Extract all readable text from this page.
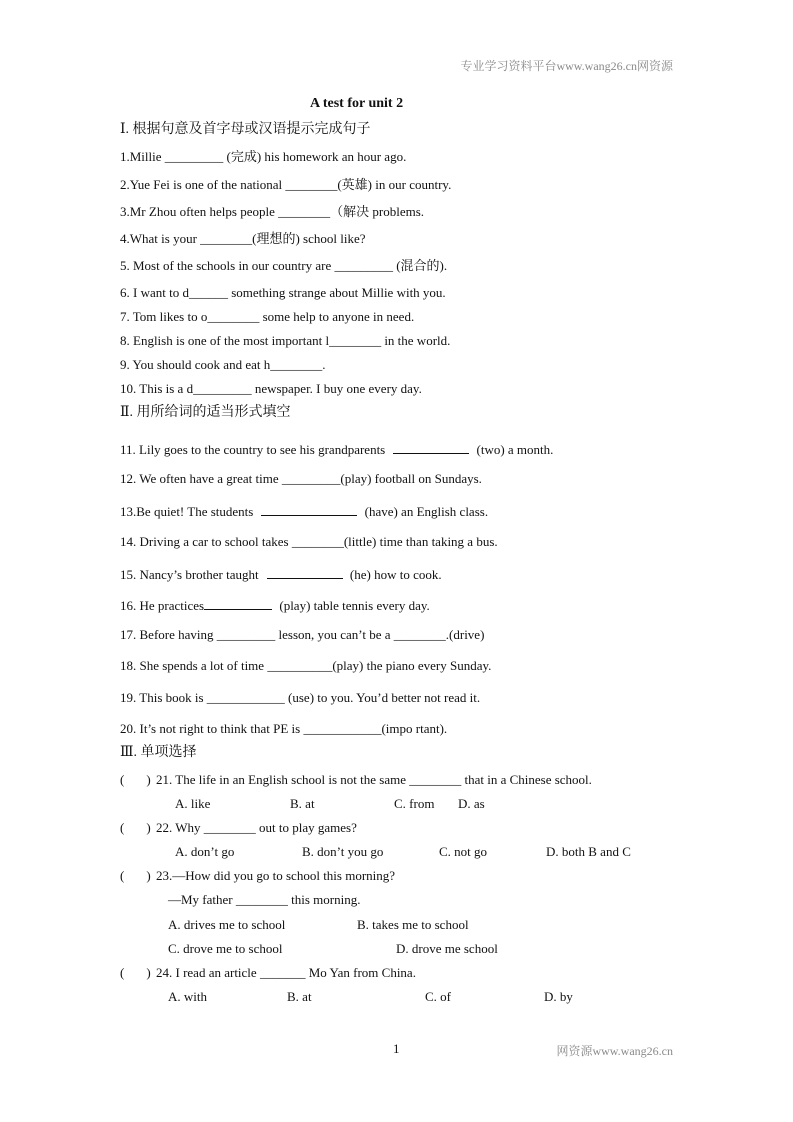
专业学习资料平台www.wang26.cn网资源
A test for unit 2
Ⅰ. 根据句意及首字母或汉语提示完成句子
1.Millie _________ (完成) his homework an hour ago.
2.Yue Fei is one of the national ________(英雄) in our country.
3.Mr Zhou often helps people ________（解决 problems.
4.What is your ________(理想的) school like?
5. Most of the schools in our country are _________ (混合的).
6. I want to d______ something strange about Millie with you.
7. Tom likes to o________ some help to anyone in need.
8. English is one of the most important l________ in the world.
9. You should cook and eat h________.
10. This is a d_________ newspaper. I buy one every day.
Ⅱ. 用所给词的适当形式填空
11. Lily goes to the country to see his grandparents	(two) a month.
12. We often have a great time _________(play) football on Sundays.
13.Be quiet! The students	(have) an English class.
14. Driving a car to school takes ________(little) time than taking a bus.
15. Nancy’s brother taught	(he) how to cook.
16. He practices	(play) table tennis every day.
17. Before having _________ lesson, you can’t be a ________.(drive)
18. She spends a lot of time __________(play) the piano every Sunday.
19. This book is ____________ (use) to you. You’d better not read it.
20. It’s not right to think that PE is ____________(impo rtant).
Ⅲ. 单项选择
( ) 21. The life in an English school is not the same ________ that in a Chinese school.
A. like	B. at	C. from D. as
( ) 22. Why ________ out to play games?
A. don’t go	B. don’t you go	C. not go	D. both B and C
( ) 23.—How did you go to school this morning?
—My father ________ this morning.
A. drives me to school	B. takes me to school
C. drove me to school	D. drove me school
( ) 24. I read an article _______ Mo Yan from China.
A. with	B. at	C. of	D. by
1	网资源www.wang26.cn
